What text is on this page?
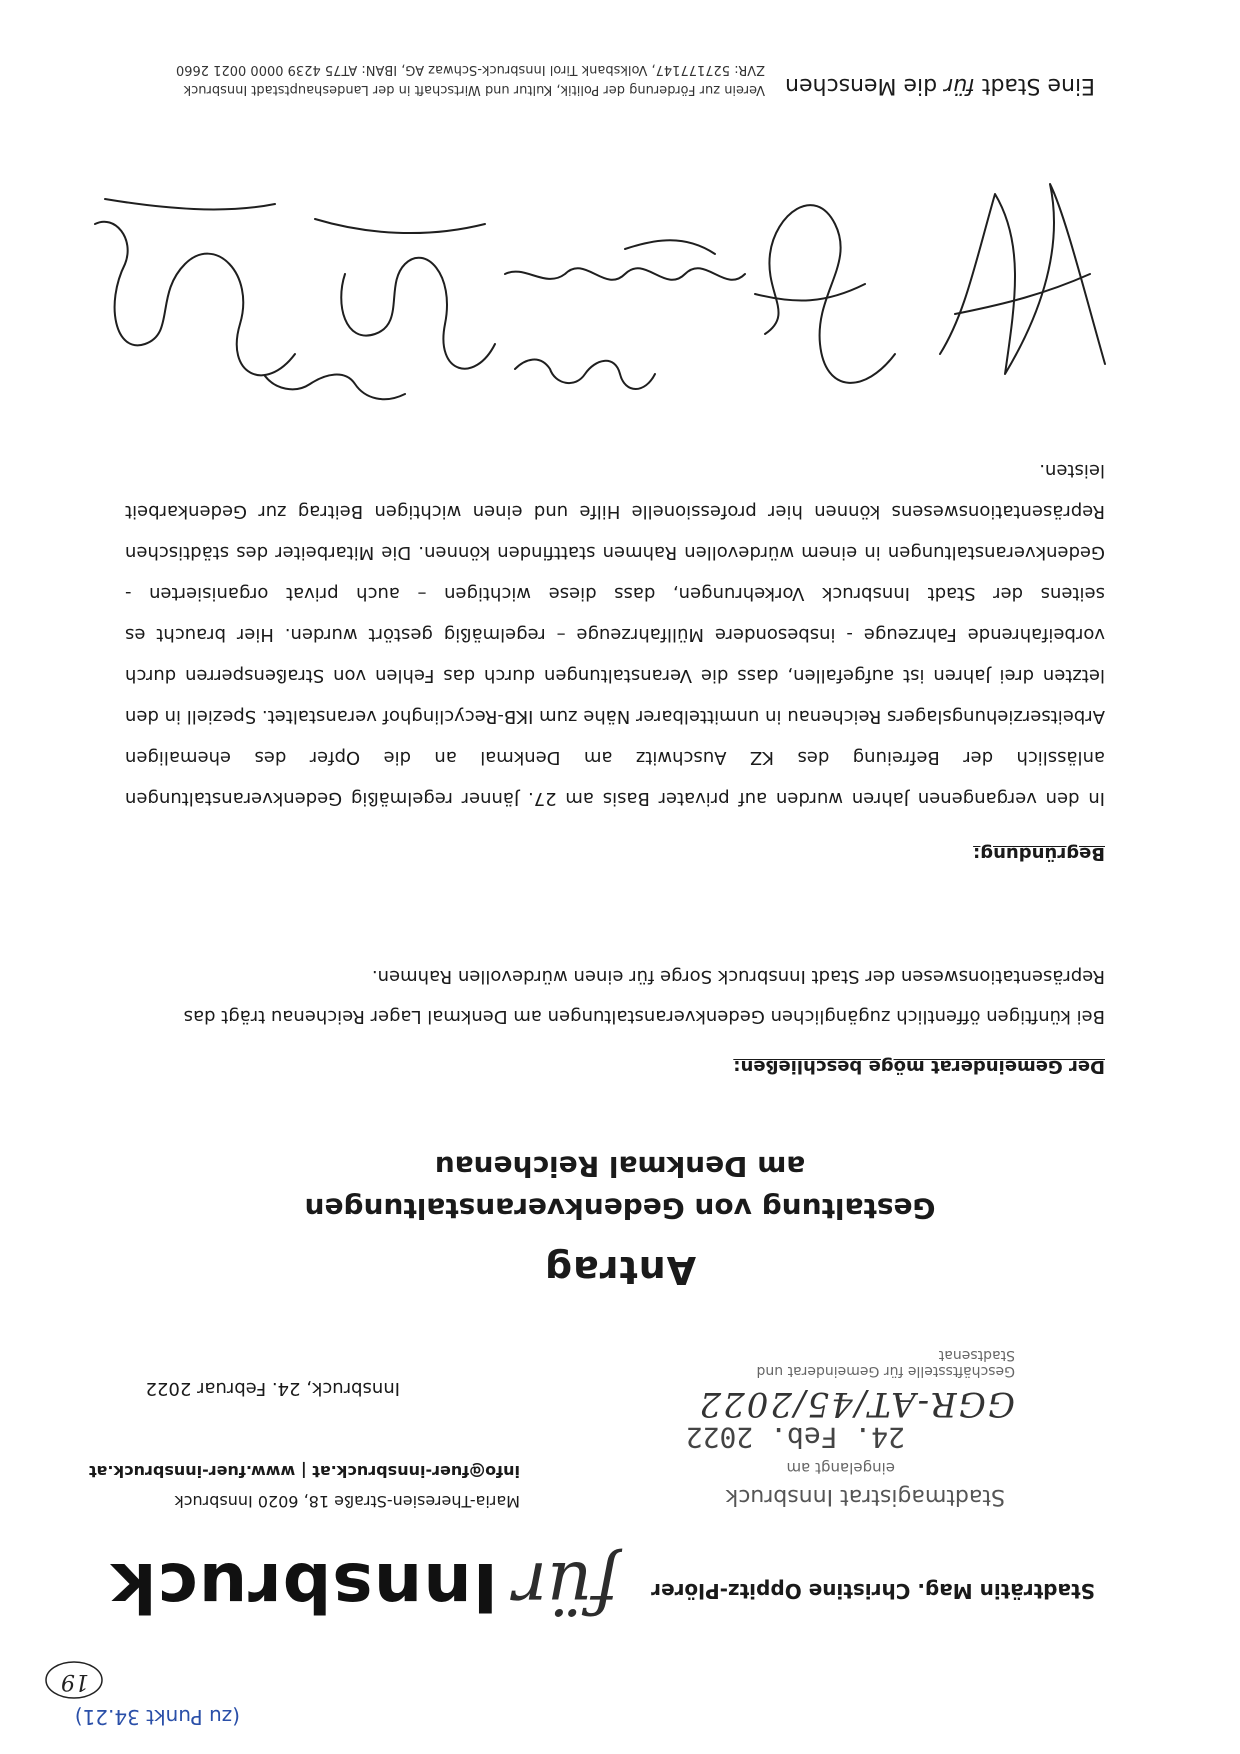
(zu Punkt 34.21)
19
Stadträtin Mag. Christine Oppitz-Plörer
für
Innsbruck
Maria-Theresien-Straße 18, 6020 Innsbruck
info@fuer-innsbruck.at | www.fuer-innsbruck.at
Innsbruck, 24. Februar 2022
Stadtmagistrat Innsbruck
eingelangt am
24. Feb. 2022
GGR-AT/45/2022
Geschäftsstelle für Gemeinderat und Stadtsenat
Antrag
Gestaltung von Gedenkveranstaltungen
am Denkmal Reichenau
Der Gemeinderat möge beschließen:
Bei künftigen öffentlich zugänglichen Gedenkveranstaltungen am Denkmal Lager Reichenau trägt das Repräsentationswesen der Stadt Innsbruck Sorge für einen würdevollen Rahmen.
Begründung:
In den vergangenen Jahren wurden auf privater Basis am 27. Jänner regelmäßig Gedenkveranstaltungen anlässlich der Befreiung des KZ Auschwitz am Denkmal an die Opfer des ehemaligen Arbeitserziehungslagers Reichenau in unmittelbarer Nähe zum IKB-Recyclinghof veranstaltet. Speziell in den letzten drei Jahren ist aufgefallen, dass die Veranstaltungen durch das Fehlen von Straßensperren durch vorbeifahrende Fahrzeuge - insbesondere Müllfahrzeuge – regelmäßig gestört wurden. Hier braucht es seitens der Stadt Innsbruck Vorkehrungen, dass diese wichtigen – auch privat organisierten - Gedenkveranstaltungen in einem würdevollen Rahmen stattfinden können. Die Mitarbeiter des städtischen Repräsentationswesens können hier professionelle Hilfe und einen wichtigen Beitrag zur Gedenkarbeit leisten.
Eine Stadt für die Menschen
Verein zur Förderung der Politik, Kultur und Wirtschaft in der Landeshauptstadt Innsbruck
ZVR: 527177147, Volksbank Tirol Innsbruck-Schwaz AG, IBAN: AT75 4239 0000 0021 2660
